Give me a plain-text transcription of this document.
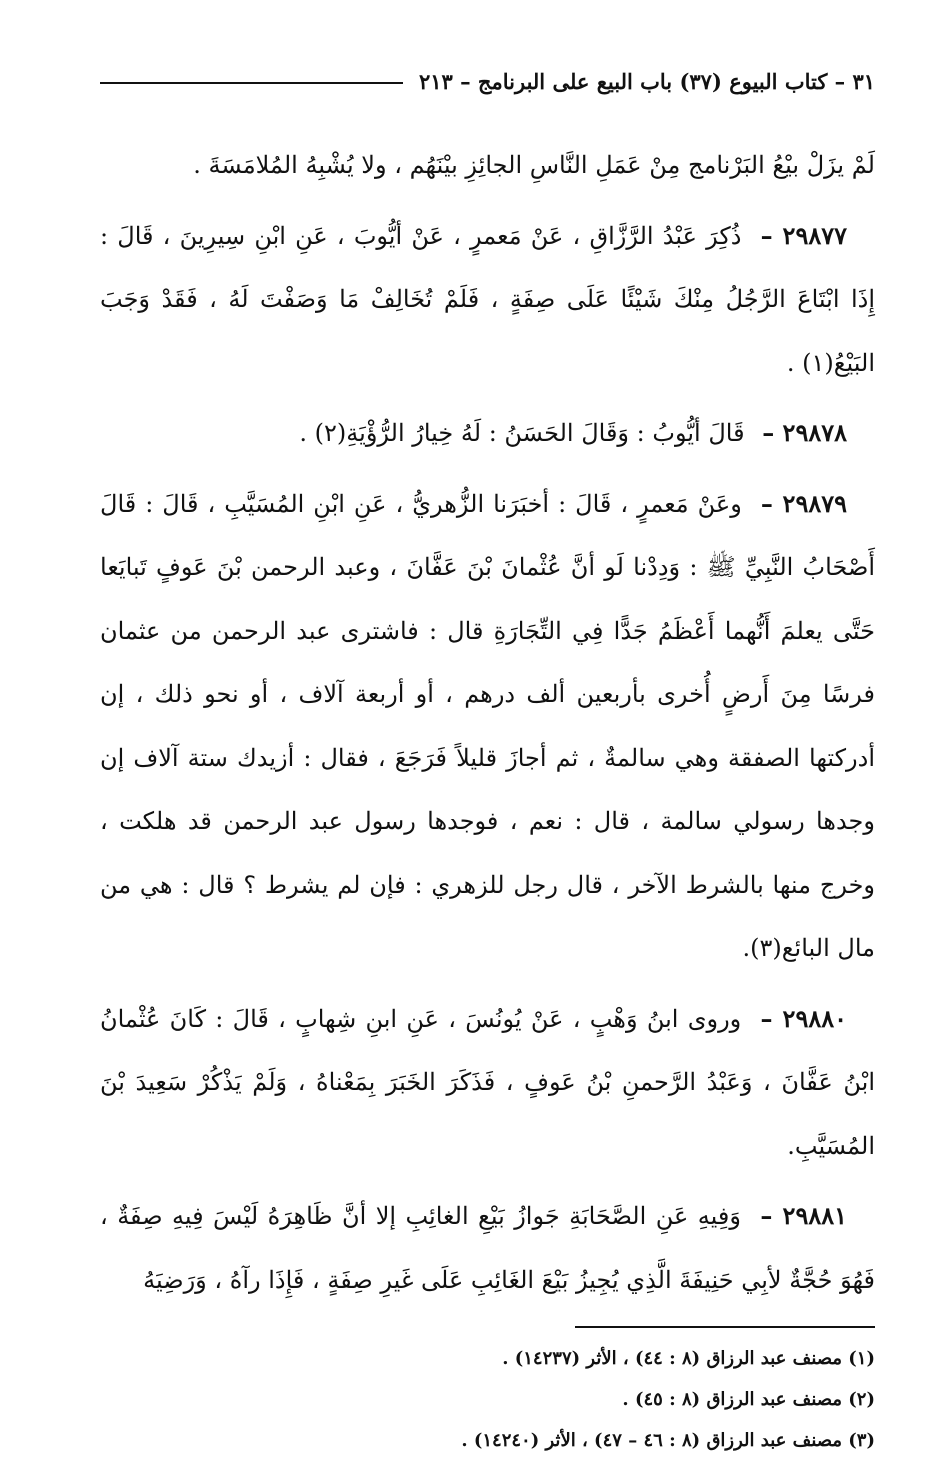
٣١ – كتاب البيوع (٣٧) باب البيع على البرنامج – ٢١٣

لَمْ يزَلْ بيْعُ البَرْنامج مِنْ عَمَلِ النَّاسِ الجائِزِ بيْنَهُم ، ولا يُشْبِهُ المُلامَسَةَ .

٢٩٨٧٧ – ذُكِرَ عَبْدُ الرَّزَّاقِ ، عَنْ مَعمرٍ ، عَنْ أيُّوبَ ، عَنِ ابْنِ سِيرِينَ ، قَالَ : إِذَا ابْتَاعَ الرَّجُلُ مِنْكَ شَيْئًا عَلَى صِفَةٍ ، فَلَمْ تُخَالِفْ مَا وَصَفْتَ لَهُ ، فَقَدْ وَجَبَ البَيْعُ(١) .

٢٩٨٧٨ – قَالَ أيُّوبُ : وَقَالَ الحَسَنُ : لَهُ خِيارُ الرُّؤْيَةِ(٢) .

٢٩٨٧٩ – وعَنْ مَعمرٍ ، قَالَ : أخبَرَنا الزُّهريُّ ، عَنِ ابْنِ المُسَيَّبِ ، قَالَ : قَالَ أَصْحَابُ النَّبِيِّ ﷺ : وَدِدْنا لَو أنَّ عُثْمانَ بْنَ عَفَّانَ ، وعبد الرحمن بْنَ عَوفٍ تَبايَعا حَتَّى يعلمَ أَنُّهما أَعْظَمُ جَدًّا فِي التِّجَارَةِ قال : فاشترى عبد الرحمن من عثمان فرسًا مِنَ أَرضٍ أُخرى بأربعين ألف درهم ، أو أربعة آلاف ، أو نحو ذلك ، إن أدركتها الصفقة وهي سالمةٌ ، ثم أجازَ قليلاً فَرَجَعَ ، فقال : أزيدك ستة آلاف إن وجدها رسولي سالمة ، قال : نعم ، فوجدها رسول عبد الرحمن قد هلكت ، وخرج منها بالشرط الآخر ، قال رجل للزهري : فإن لم يشرط ؟ قال : هي من مال البائع(٣).

٢٩٨٨٠ – وروى ابنُ وَهْبٍ ، عَنْ يُونُسَ ، عَنِ ابنِ شِهابٍ ، قَالَ : كَانَ عُثْمانُ ابْنُ عَفَّانَ ، وَعَبْدُ الرَّحمنِ بْنُ عَوفٍ ، فَذَكَرَ الخَبَرَ بِمَعْناهُ ، وَلَمْ يَذْكُرْ سَعِيدَ بْنَ المُسَيَّبِ.

٢٩٨٨١ – وَفِيهِ عَنِ الصَّحَابَةِ جَوازُ بَيْعِ الغائِبِ إلا أنَّ ظَاهِرَهُ لَيْسَ فِيهِ صِفَةٌ ، فَهُوَ حُجَّةٌ لأبِي حَنِيفَةَ الَّذِي يُجِيزُ بَيْعَ الغَائِبِ عَلَى غَيرِ صِفَةٍ ، فَإِذَا رآهُ ، وَرَضِيَهُ

(١) مصنف عبد الرزاق (٨ : ٤٤) ، الأثر (١٤٢٣٧) .

(٢) مصنف عبد الرزاق (٨ : ٤٥) .

(٣) مصنف عبد الرزاق (٨ : ٤٦ – ٤٧) ، الأثر (١٤٢٤٠) .
